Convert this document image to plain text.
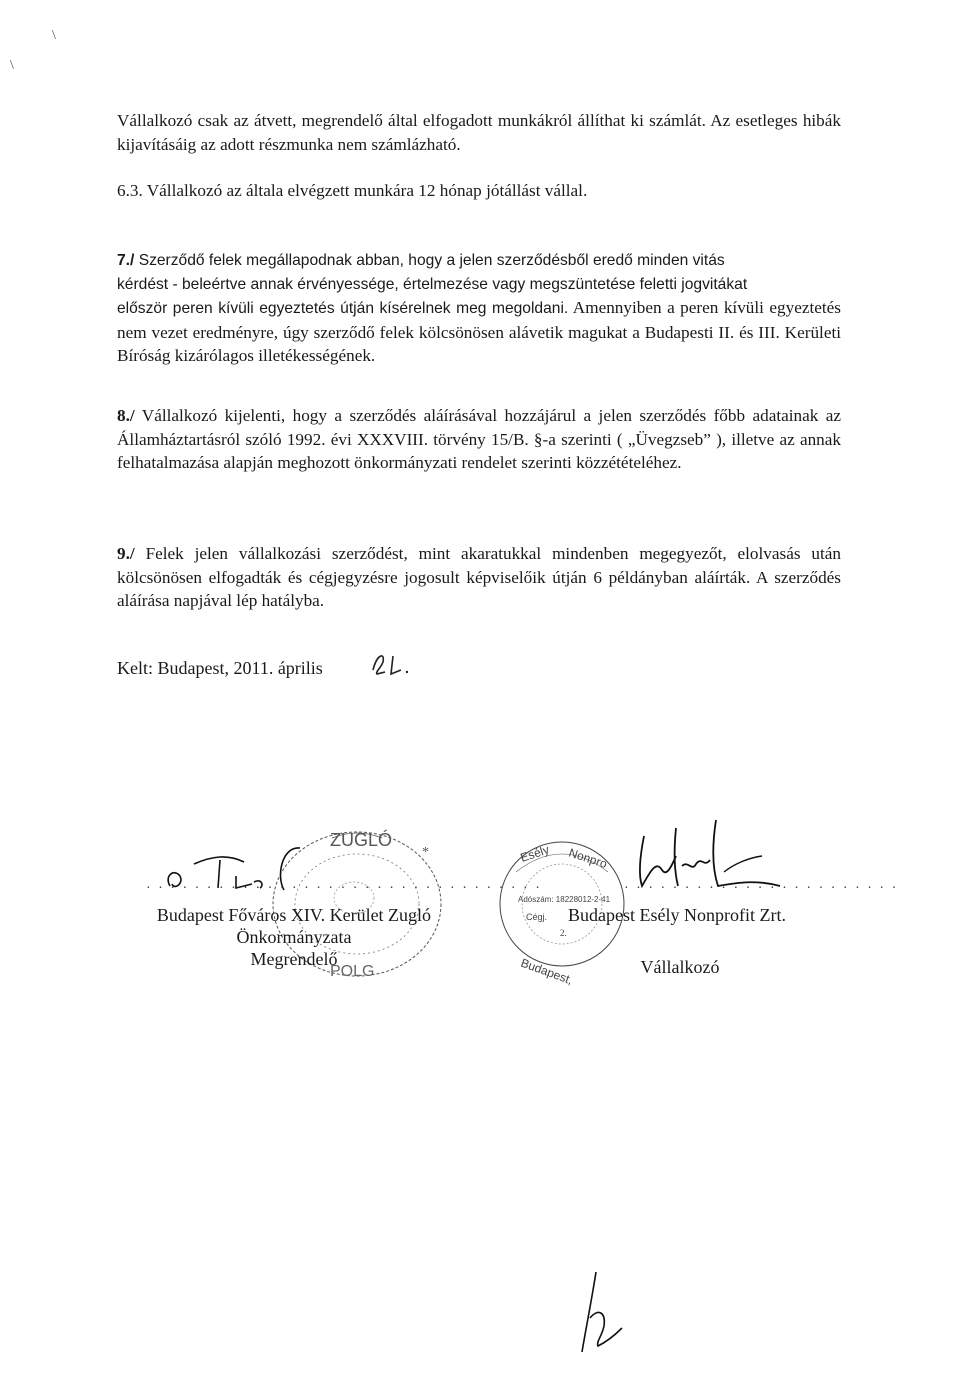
\
\
Vállalkozó csak az átvett, megrendelő által elfogadott munkákról állíthat ki számlát. Az esetleges hibák kijavításáig az adott részmunka nem számlázható.
6.3. Vállalkozó az általa elvégzett munkára 12 hónap jótállást vállal.
7./ Szerződő felek megállapodnak abban, hogy a jelen szerződésből eredő minden vitás
kérdést - beleértve annak érvényessége, értelmezése vagy megszüntetése feletti jogvitákat
először peren kívüli egyeztetés útján kísérelnek meg megoldani. Amennyiben a peren kívüli egyeztetés nem vezet eredményre, úgy szerződő felek kölcsönösen alávetik magukat a Budapesti II. és III. Kerületi Bíróság kizárólagos illetékességének.
8./ Vállalkozó kijelenti, hogy a szerződés aláírásával hozzájárul a jelen szerződés főbb adatainak az Államháztartásról szóló 1992. évi XXXVIII. törvény 15/B. §-a szerinti ( „Üvegzseb” ), illetve az annak felhatalmazása alapján meghozott önkormányzati rendelet szerinti közzétételéhez.
9./ Felek jelen vállalkozási szerződést, mint akaratukkal mindenben megegyezőt, elolvasás után kölcsönösen elfogadták és cégjegyzésre jogosult képviselőik útján 6 példányban aláírták. A szerződés aláírása napjával lép hatályba.
Kelt: Budapest, 2011. április
ZUGLÓ
*
POLG
· · · · · · · · · · · · · · · · · · · · · · · · · · · · · · · · ·
Budapest Főváros XIV. Kerület Zugló
Önkormányzata
Megrendelő
Esély Nonpro
Adószám: 18228012-2-41
Cégj.
2.
Budapest,
· · · · · · · · · · · · · · · · · · · · · · ·
Budapest Esély Nonprofit Zrt.
Vállalkozó
